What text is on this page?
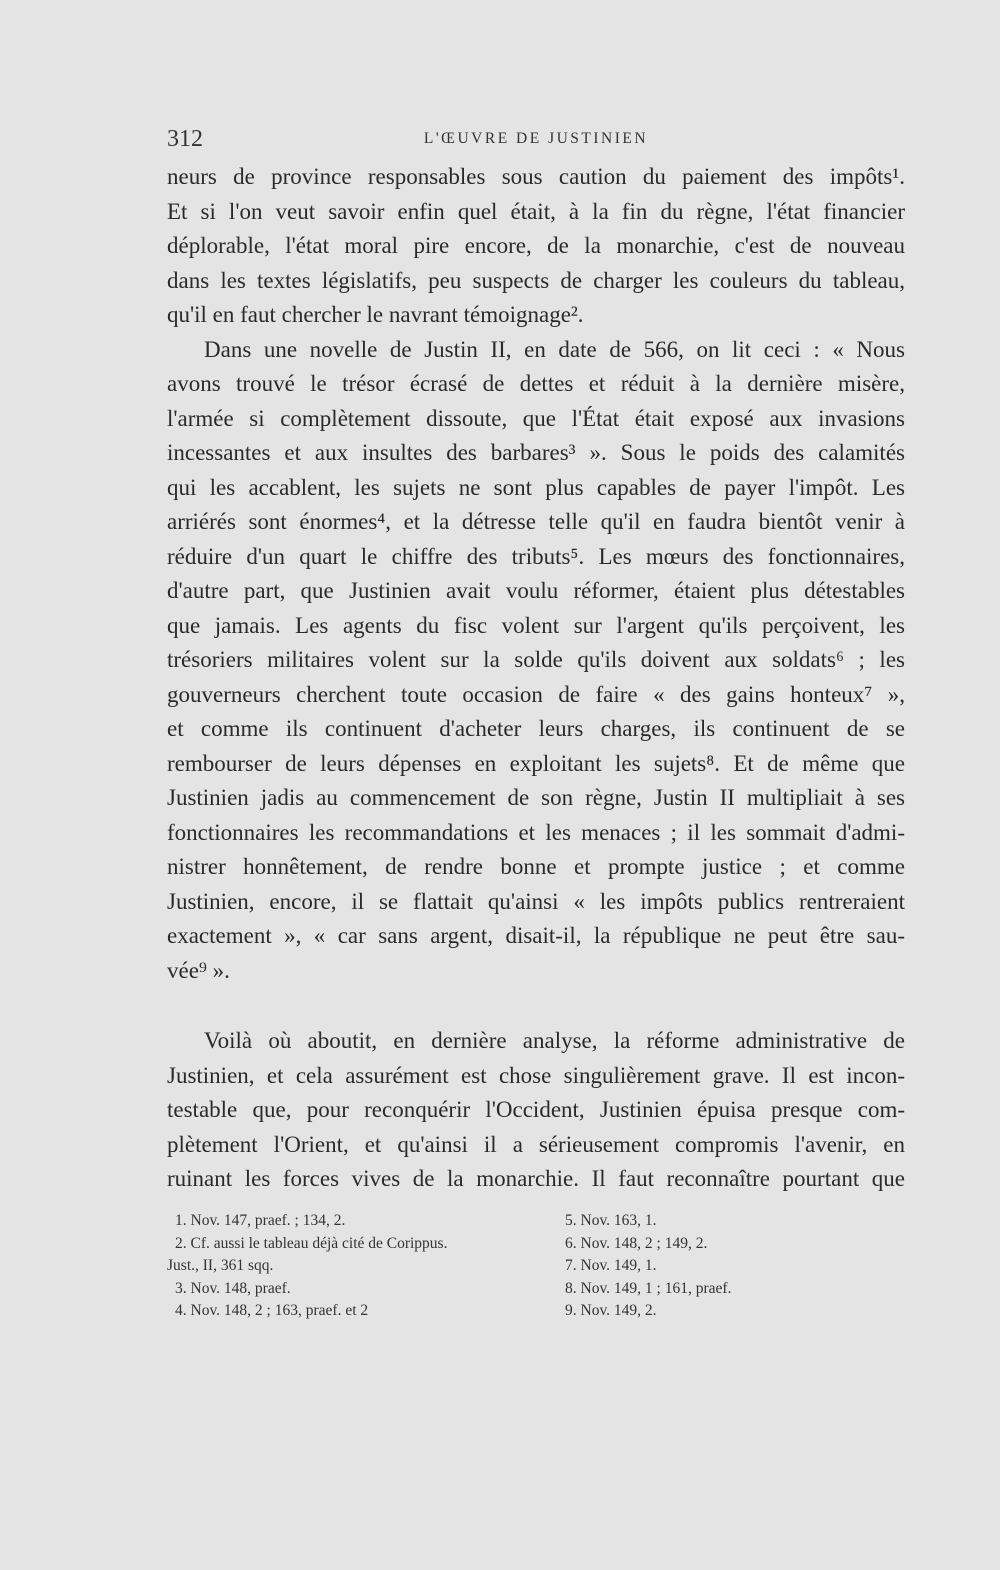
312	L'ŒUVRE DE JUSTINIEN
neurs de province responsables sous caution du paiement des impôts¹.
Et si l'on veut savoir enfin quel était, à la fin du règne, l'état financier
déplorable, l'état moral pire encore, de la monarchie, c'est de nouveau
dans les textes législatifs, peu suspects de charger les couleurs du tableau,
qu'il en faut chercher le navrant témoignage².
Dans une novelle de Justin II, en date de 566, on lit ceci : « Nous
avons trouvé le trésor écrasé de dettes et réduit à la dernière misère,
l'armée si complètement dissoute, que l'État était exposé aux invasions
incessantes et aux insultes des barbares³ ». Sous le poids des calamités
qui les accablent, les sujets ne sont plus capables de payer l'impôt. Les
arriérés sont énormes⁴, et la détresse telle qu'il en faudra bientôt venir à
réduire d'un quart le chiffre des tributs⁵. Les mœurs des fonctionnaires,
d'autre part, que Justinien avait voulu réformer, étaient plus détestables
que jamais. Les agents du fisc volent sur l'argent qu'ils perçoivent, les
trésoriers militaires volent sur la solde qu'ils doivent aux soldats⁶ ; les
gouverneurs cherchent toute occasion de faire « des gains honteux⁷ »,
et comme ils continuent d'acheter leurs charges, ils continuent de se
rembourser de leurs dépenses en exploitant les sujets⁸. Et de même que
Justinien jadis au commencement de son règne, Justin II multipliait à ses
fonctionnaires les recommandations et les menaces ; il les sommait d'admi-
nistrer honnêtement, de rendre bonne et prompte justice ; et comme
Justinien, encore, il se flattait qu'ainsi « les impôts publics rentreraient
exactement », « car sans argent, disait-il, la république ne peut être sau-
vée⁹ ».
Voilà où aboutit, en dernière analyse, la réforme administrative de
Justinien, et cela assurément est chose singulièrement grave. Il est incon-
testable que, pour reconquérir l'Occident, Justinien épuisa presque com-
plètement l'Orient, et qu'ainsi il a sérieusement compromis l'avenir, en
ruinant les forces vives de la monarchie. Il faut reconnaître pourtant que
1. Nov. 147, praef. ; 134, 2.
2. Cf. aussi le tableau déjà cité de Corippus.
Just., II, 361 sqq.
3. Nov. 148, praef.
4. Nov. 148, 2 ; 163, praef. et 2
5. Nov. 163, 1.
6. Nov. 148, 2 ; 149, 2.
7. Nov. 149, 1.
8. Nov. 149, 1 ; 161, praef.
9. Nov. 149, 2.
